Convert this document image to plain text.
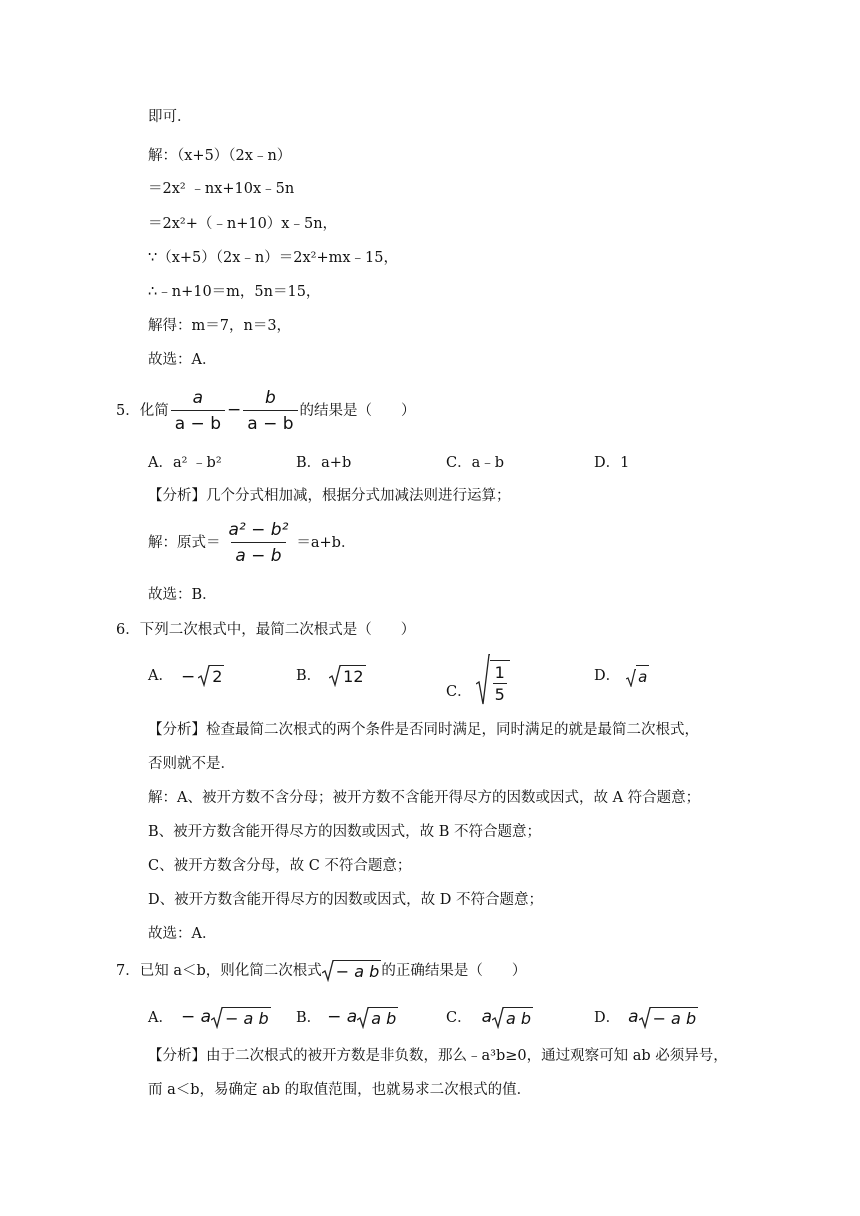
即可．
解：（x+5）（2x﹣n）
＝2x² ﹣nx+10x﹣5n
＝2x²+（﹣n+10）x﹣5n，
∵（x+5）（2x﹣n）＝2x²+mx﹣15，
∴﹣n+10＝m，5n＝15，
解得：m＝7，n＝3，
故选：A．
5．化简 $\frac{a}{a - b} - \frac{b}{a - b}$ 的结果是（　　）
A．a² ﹣b²	B．a+b	C．a﹣b	D．1
【分析】几个分式相加减，根据分式加减法则进行运算；
解：原式＝ $\frac{\text{a² − b²}}{a - b} =a+b$．
故选：B．
6．下列二次根式中，最简二次根式是（　　）
A． − 2	B． 12
C． $\frac{1}{5}$	D． a
【分析】检查最简二次根式的两个条件是否同时满足，同时满足的就是最简二次根式，
否则就不是．
解：A、被开方数不含分母；被开方数不含能开得尽方的因数或因式，故 A 符合题意；
B、被开方数含能开得尽方的因数或因式，故 B 不符合题意；
C、被开方数含分母，故 C 不符合题意；
D、被开方数含能开得尽方的因数或因式，故 D 不符合题意；
故选：A．
7．已知 a＜b，则化简二次根式 − a b 的正确结果是（　　）
A． − a − a b B． − a a b	C． a a b	D． a − a b
【分析】由于二次根式的被开方数是非负数，那么﹣a³b≥0，通过观察可知 ab 必须异号，
而 a＜b，易确定 ab 的取值范围，也就易求二次根式的值．
